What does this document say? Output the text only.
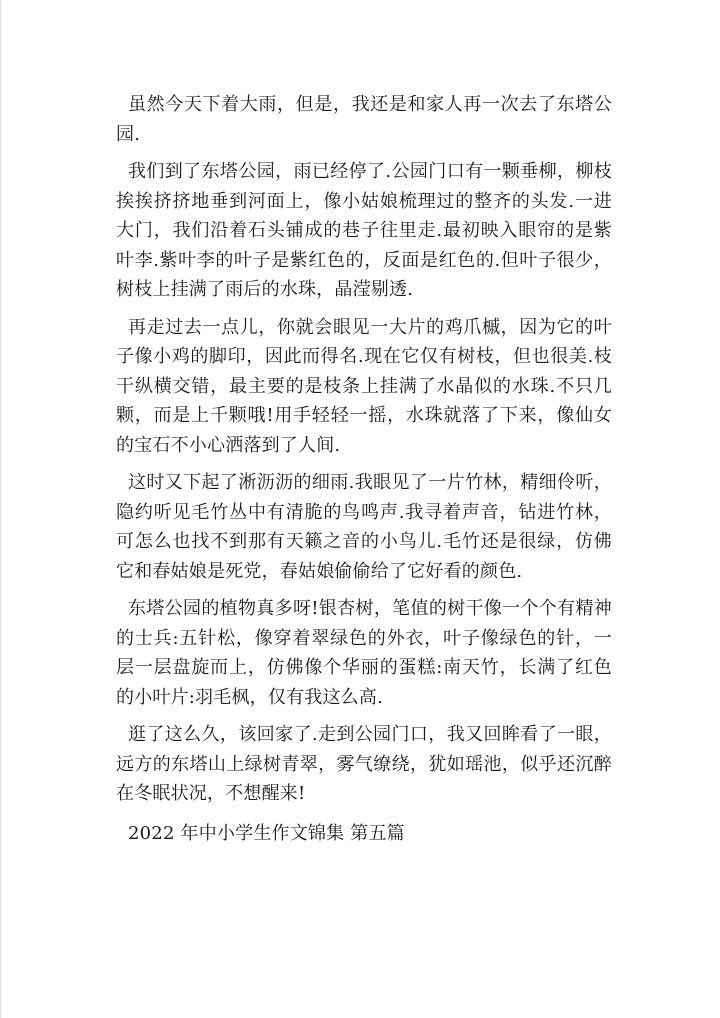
虽然今天下着大雨，但是，我还是和家人再一次去了东塔公园.

我们到了东塔公园，雨已经停了.公园门口有一颗垂柳，柳枝挨挨挤挤地垂到河面上，像小姑娘梳理过的整齐的头发.一进大门，我们沿着石头铺成的巷子往里走.最初映入眼帘的是紫叶李.紫叶李的叶子是紫红色的，反面是红色的.但叶子很少，树枝上挂满了雨后的水珠，晶滢剔透.

再走过去一点儿，你就会眼见一大片的鸡爪槭，因为它的叶子像小鸡的脚印，因此而得名.现在它仅有树枝，但也很美.枝干纵横交错，最主要的是枝条上挂满了水晶似的水珠.不只几颗，而是上千颗哦!用手轻轻一摇，水珠就落了下来，像仙女的宝石不小心洒落到了人间.

这时又下起了淅沥沥的细雨.我眼见了一片竹林，精细伶听，隐约听见毛竹丛中有清脆的鸟鸣声.我寻着声音，钻进竹林，可怎么也找不到那有天籁之音的小鸟儿.毛竹还是很绿，仿佛它和春姑娘是死党，春姑娘偷偷给了它好看的颜色.

东塔公园的植物真多呀!银杏树，笔值的树干像一个个有精神的士兵:五针松，像穿着翠绿色的外衣，叶子像绿色的针，一层一层盘旋而上，仿佛像个华丽的蛋糕:南天竹，长满了红色的小叶片:羽毛枫，仅有我这么高.

逛了这么久，该回家了.走到公园门口，我又回眸看了一眼，远方的东塔山上绿树青翠，雾气缭绕，犹如瑶池，似乎还沉醉在冬眠状况，不想醒来!

2022 年中小学生作文锦集 第五篇
